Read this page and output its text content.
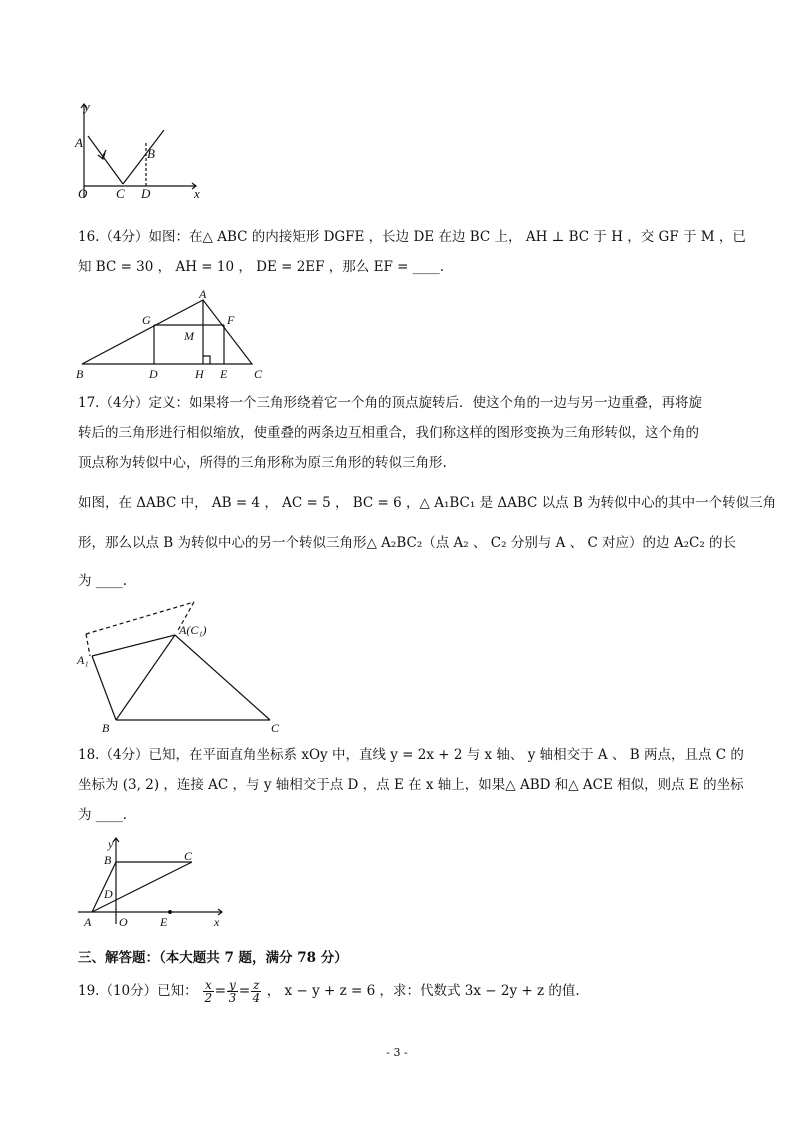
y
A
B
O C D	x
16.（4分）如图：在△ ABC 的内接矩形 DGFE ，长边 DE 在边 BC 上， AH ⊥ BC 于 H ，交 GF 于 M ，已
知 BC = 30 ， AH = 10 ， DE = 2EF ，那么 EF = ____.
A
G	F
M
B	D	H E C
17.（4分）定义：如果将一个三角形绕着它一个角的顶点旋转后．使这个角的一边与另一边重叠，再将旋
转后的三角形进行相似缩放，使重叠的两条边互相重合，我们称这样的图形变换为三角形转似，这个角的
顶点称为转似中心，所得的三角形称为原三角形的转似三角形.
如图，在 ΔABC 中， AB = 4 ， AC = 5 ， BC = 6 ，△ A₁BC₁ 是 ΔABC 以点 B 为转似中心的其中一个转似三角
形，那么以点 B 为转似中心的另一个转似三角形△ A₂BC₂（点 A₂ 、 C₂ 分别与 A 、 C 对应）的边 A₂C₂ 的长
为 ____.
A(C₁)
A₁
B	C
18.（4分）已知，在平面直角坐标系 xOy 中，直线 y = 2x + 2 与 x 轴、 y 轴相交于 A 、 B 两点，且点 C 的
坐标为 (3, 2) ，连接 AC ，与 y 轴相交于点 D ，点 E 在 x 轴上，如果△ ABD 和△ ACE 相似，则点 E 的坐标
为 ____.
y
B	C
D
A O	E	x
三、解答题：（本大题共 7 题，满分 78 分）
19.（10分）已知： $\frac{x}{2} = \frac{y}{3} = \frac{z}{4}$ ， x − y + z = 6 ，求：代数式 3x − 2y + z 的值.
- 3 -
